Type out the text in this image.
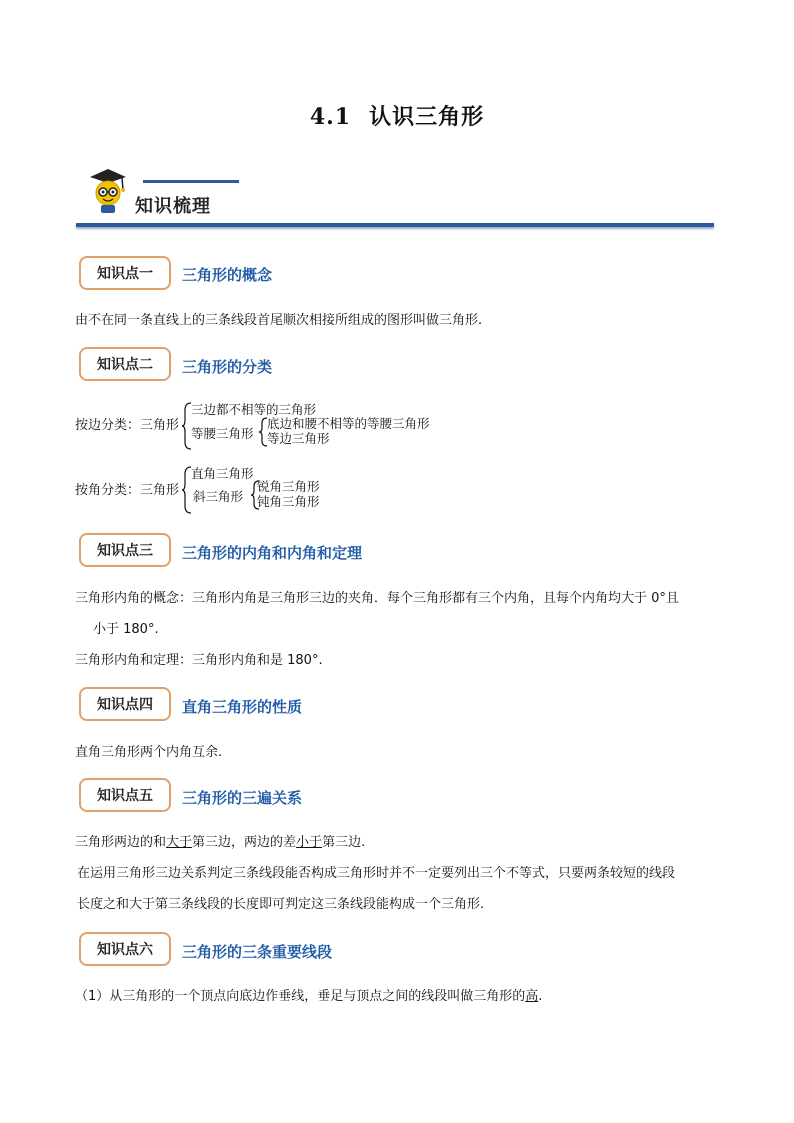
4.1 认识三角形
知识梳理
知识点一	三角形的概念
由不在同一条直线上的三条线段首尾顺次相接所组成的图形叫做三角形.
知识点二	三角形的分类
按边分类：三角形
三边都不相等的三角形
等腰三角形
底边和腰不相等的等腰三角形
等边三角形
按角分类：三角形
直角三角形
斜三角形
锐角三角形
钝角三角形
知识点三	三角形的内角和内角和定理
三角形内角的概念：三角形内角是三角形三边的夹角．每个三角形都有三个内角，且每个内角均大于 0°且
小于 180°.
三角形内角和定理：三角形内角和是 180°.
知识点四	直角三角形的性质
直角三角形两个内角互余.
知识点五	三角形的三遍关系
三角形两边的和大于第三边，两边的差小于第三边.
在运用三角形三边关系判定三条线段能否构成三角形时并不一定要列出三个不等式，只要两条较短的线段
长度之和大于第三条线段的长度即可判定这三条线段能构成一个三角形.
知识点六	三角形的三条重要线段
（1）从三角形的一个顶点向底边作垂线，垂足与顶点之间的线段叫做三角形的高.
